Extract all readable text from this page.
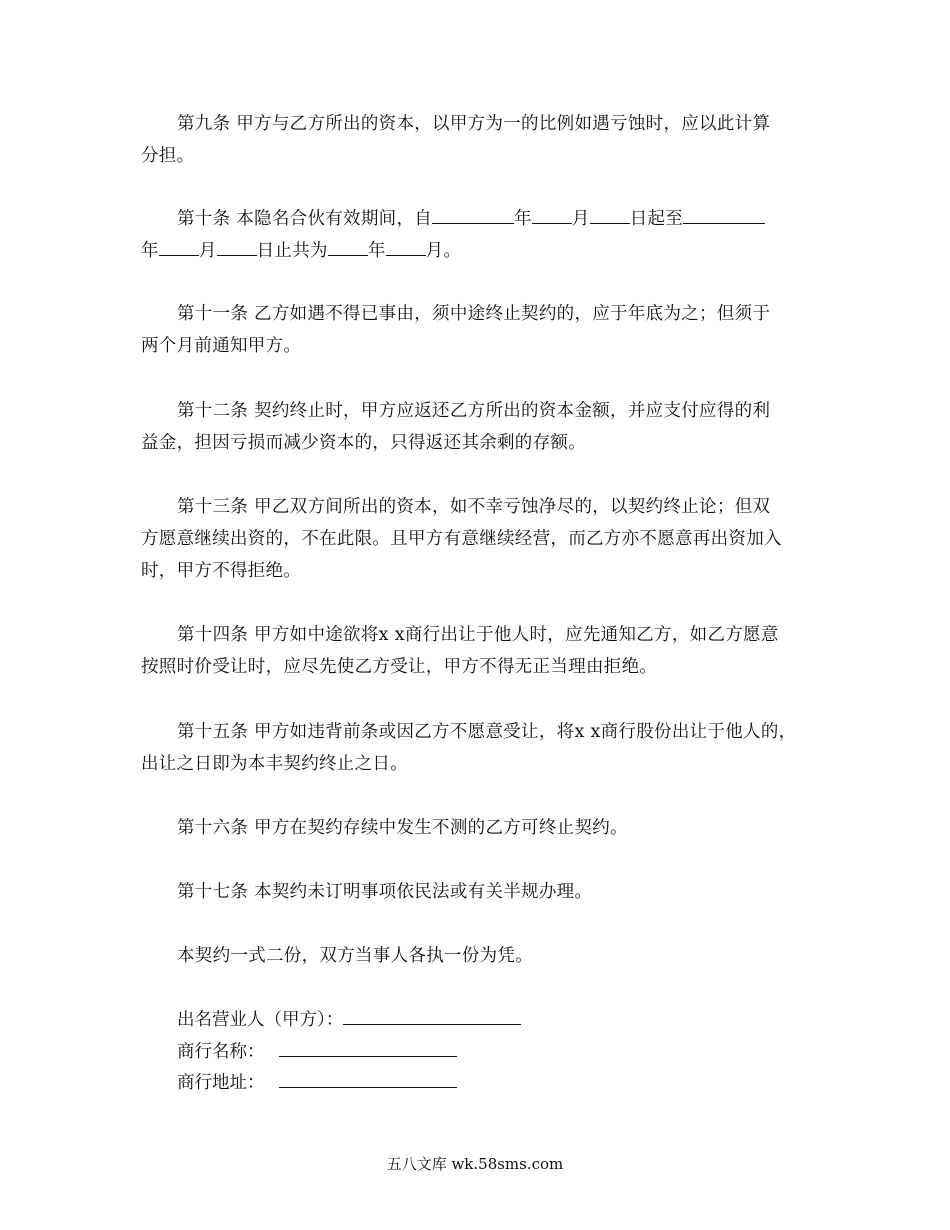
第九条 甲方与乙方所出的资本，以甲方为一的比例如遇亏蚀时，应以此计算
分担。
第十条 本隐名合伙有效期间，自	年 月 日起至
年 月 日止共为 年 月。
第十一条 乙方如遇不得已事由，须中途终止契约的，应于年底为之；但须于
两个月前通知甲方。
第十二条 契约终止时，甲方应返还乙方所出的资本金额，并应支付应得的利
益金，担因亏损而减少资本的，只得返还其余剩的存额。
第十三条 甲乙双方间所出的资本，如不幸亏蚀净尽的，以契约终止论；但双
方愿意继续出资的，不在此限。且甲方有意继续经营，而乙方亦不愿意再出资加入
时，甲方不得拒绝。
第十四条 甲方如中途欲将x x商行出让于他人时，应先通知乙方，如乙方愿意
按照时价受让时，应尽先使乙方受让，甲方不得无正当理由拒绝。
第十五条 甲方如违背前条或因乙方不愿意受让，将x x商行股份出让于他人的，
出让之日即为本丰契约终止之日。
第十六条 甲方在契约存续中发生不测的乙方可终止契约。
第十七条 本契约未订明事项依民法或有关半规办理。
本契约一式二份，双方当事人各执一份为凭。
出名营业人（甲方）：
商行名称：
商行地址：
五八文库 wk.58sms.com
